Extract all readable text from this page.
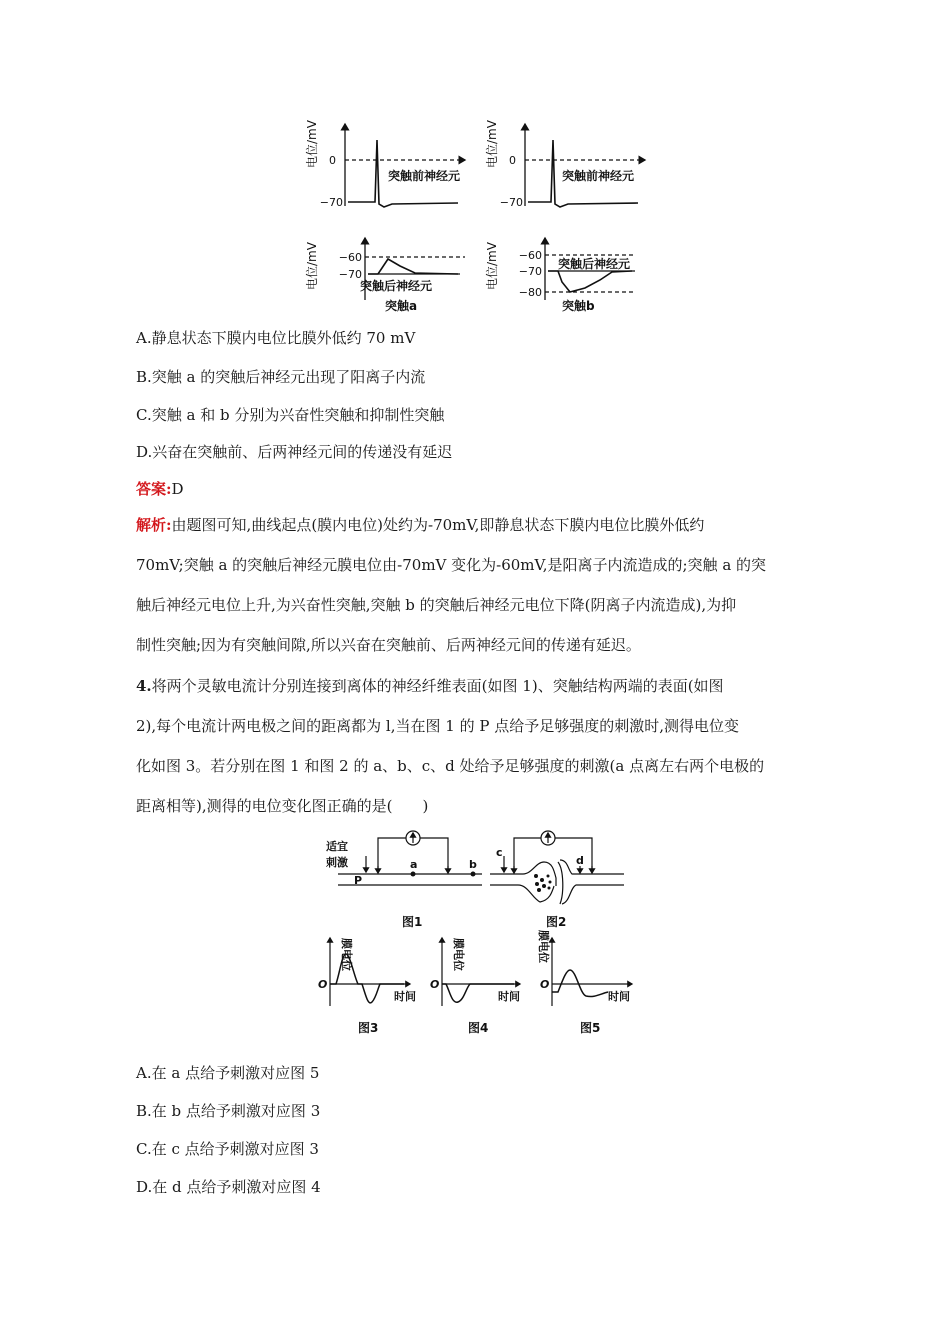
电位/mV 0
−70
突触前神经元
电位/mV 0
−70
突触前神经元
电位/mV −60
−70
突触后神经元
突触a
电位/mV −60
−70
−80
突触后神经元
突触b
A.静息状态下膜内电位比膜外低约 70 mV
B.突触 a 的突触后神经元出现了阳离子内流
C.突触 a 和 b 分别为兴奋性突触和抑制性突触
D.兴奋在突触前、后两神经元间的传递没有延迟
答案:D
解析:由题图可知,曲线起点(膜内电位)处约为-70mV,即静息状态下膜内电位比膜外低约
70mV;突触 a 的突触后神经元膜电位由-70mV 变化为-60mV,是阳离子内流造成的;突触 a 的突
触后神经元电位上升,为兴奋性突触,突触 b 的突触后神经元电位下降(阴离子内流造成),为抑
制性突触;因为有突触间隙,所以兴奋在突触前、后两神经元间的传递有延迟。
4.将两个灵敏电流计分别连接到离体的神经纤维表面(如图 1)、突触结构两端的表面(如图
2),每个电流计两电极之间的距离都为 l,当在图 1 的 P 点给予足够强度的刺激时,测得电位变
化如图 3。若分别在图 1 和图 2 的 a、b、c、d 处给予足够强度的刺激(a 点离左右两个电极的
距离相等),测得的电位变化图正确的是(　　)
适宜
刺激
P
a	b
c
d
图1	图2
膜电位	膜电位	膜电位
O	O	O
时间	时间	时间
图3	图4	图5
A.在 a 点给予刺激对应图 5
B.在 b 点给予刺激对应图 3
C.在 c 点给予刺激对应图 3
D.在 d 点给予刺激对应图 4
